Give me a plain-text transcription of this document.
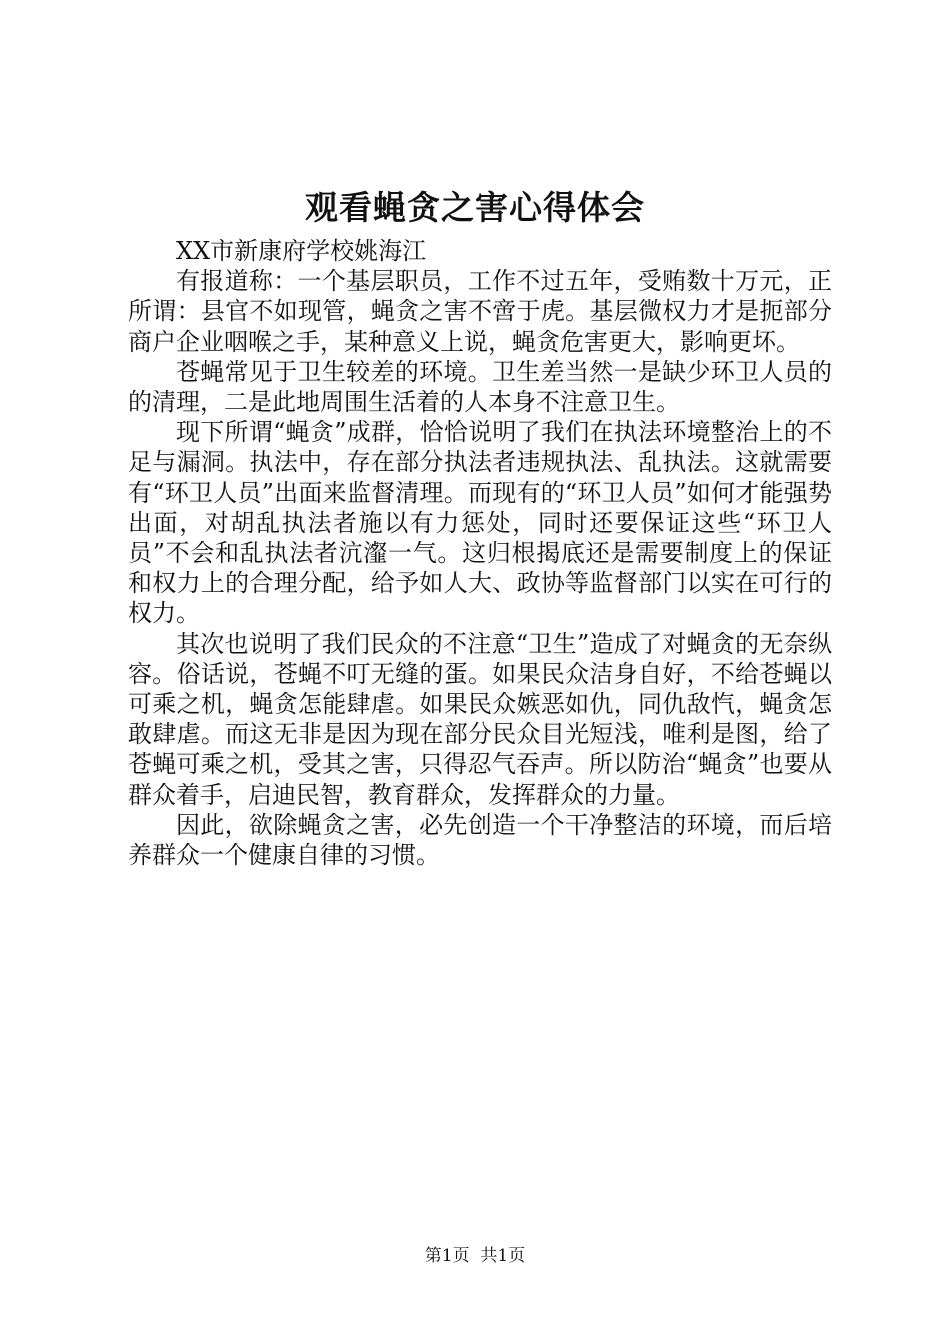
观看蝇贪之害心得体会

XX市新康府学校姚海江

有报道称：一个基层职员，工作不过五年，受贿数十万元，正所谓：县官不如现管，蝇贪之害不啻于虎。基层微权力才是扼部分商户企业咽喉之手，某种意义上说，蝇贪危害更大，影响更坏。

苍蝇常见于卫生较差的环境。卫生差当然一是缺少环卫人员的的清理，二是此地周围生活着的人本身不注意卫生。

现下所谓“蝇贪”成群，恰恰说明了我们在执法环境整治上的不足与漏洞。执法中，存在部分执法者违规执法、乱执法。这就需要有“环卫人员”出面来监督清理。而现有的“环卫人员”如何才能强势出面，对胡乱执法者施以有力惩处，同时还要保证这些“环卫人员”不会和乱执法者沆瀣一气。这归根揭底还是需要制度上的保证和权力上的合理分配，给予如人大、政协等监督部门以实在可行的权力。

其次也说明了我们民众的不注意“卫生”造成了对蝇贪的无奈纵容。俗话说，苍蝇不叮无缝的蛋。如果民众洁身自好，不给苍蝇以可乘之机，蝇贪怎能肆虐。如果民众嫉恶如仇，同仇敌忾，蝇贪怎敢肆虐。而这无非是因为现在部分民众目光短浅，唯利是图，给了苍蝇可乘之机，受其之害，只得忍气吞声。所以防治“蝇贪”也要从群众着手，启迪民智，教育群众，发挥群众的力量。

因此，欲除蝇贪之害，必先创造一个干净整洁的环境，而后培养群众一个健康自律的习惯。

第1页 共1页
